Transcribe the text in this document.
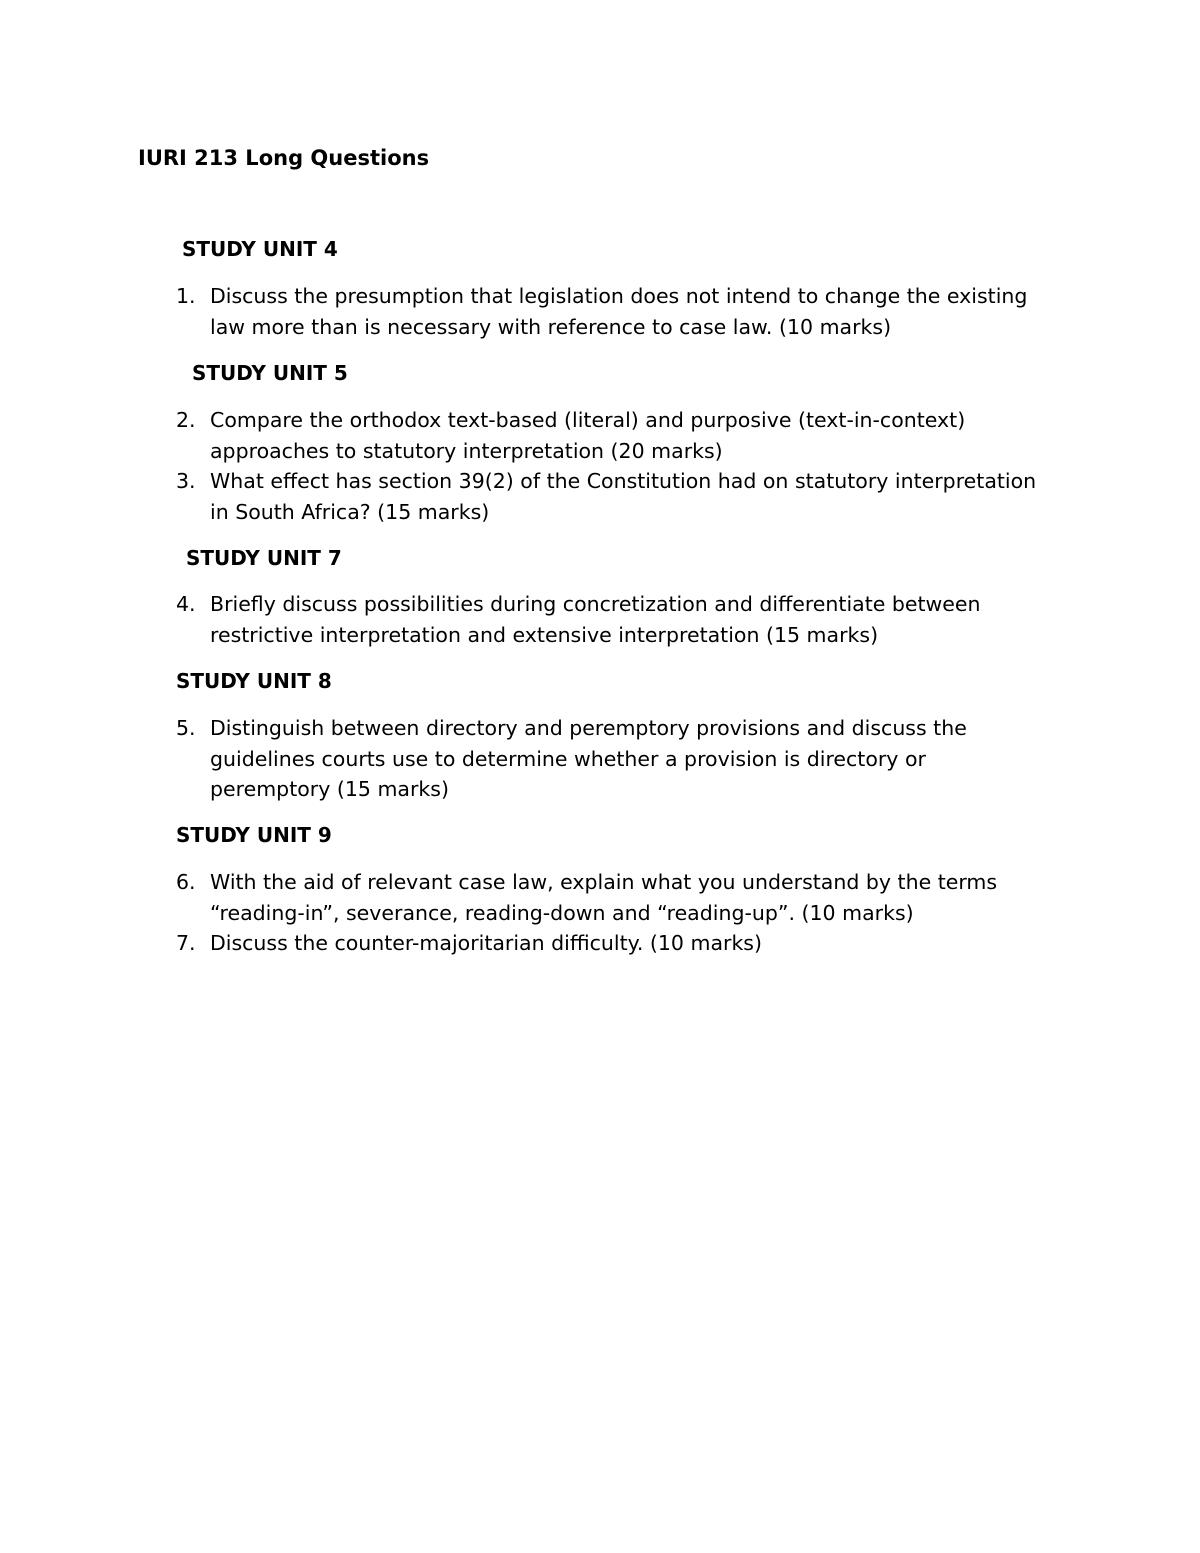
IURI 213 Long Questions
STUDY UNIT 4
1. Discuss the presumption that legislation does not intend to change the existing
law more than is necessary with reference to case law. (10 marks)
STUDY UNIT 5
2. Compare the orthodox text-based (literal) and purposive (text-in-context)
approaches to statutory interpretation (20 marks)
3. What effect has section 39(2) of the Constitution had on statutory interpretation
in South Africa? (15 marks)
STUDY UNIT 7
4. Briefly discuss possibilities during concretization and differentiate between
restrictive interpretation and extensive interpretation (15 marks)
STUDY UNIT 8
5. Distinguish between directory and peremptory provisions and discuss the
guidelines courts use to determine whether a provision is directory or
peremptory (15 marks)
STUDY UNIT 9
6. With the aid of relevant case law, explain what you understand by the terms
“reading-in”, severance, reading-down and “reading-up”. (10 marks)
7. Discuss the counter-majoritarian difficulty. (10 marks)
